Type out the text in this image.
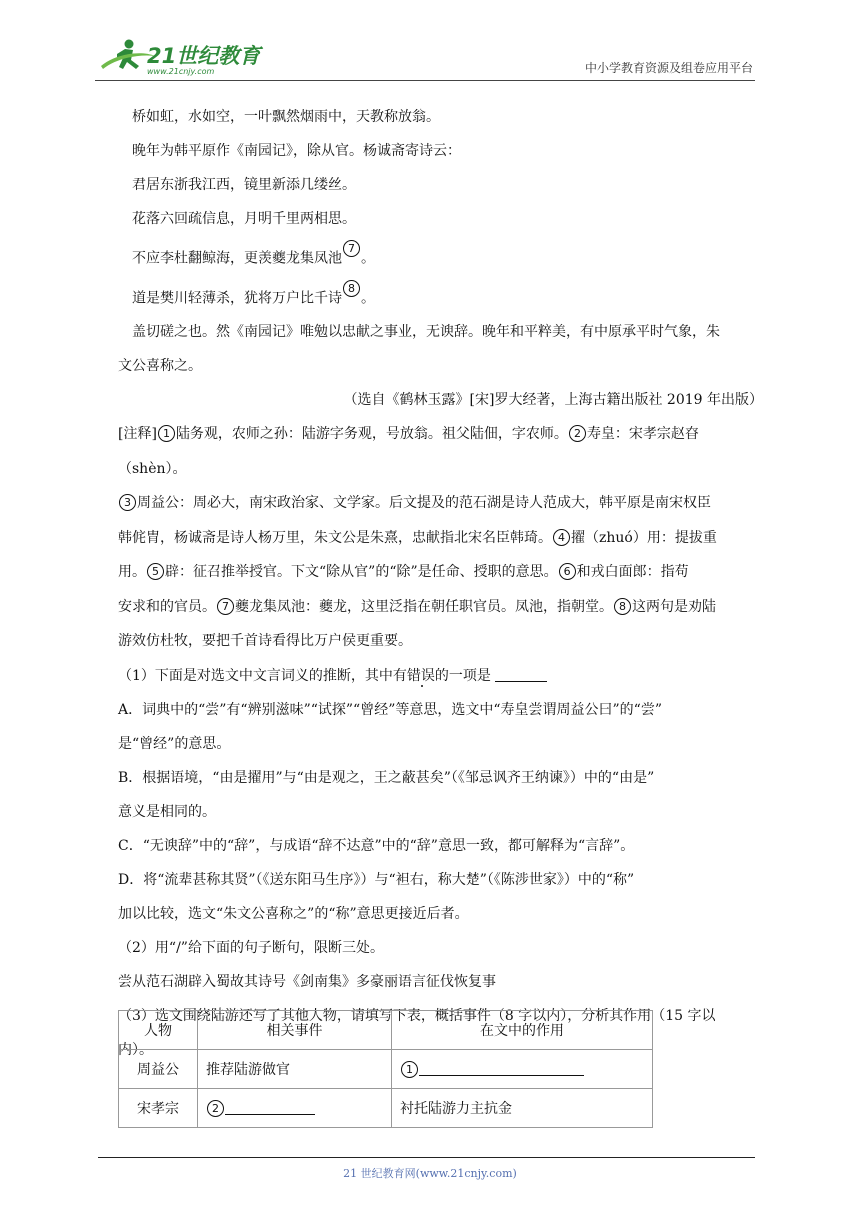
21世纪教育
www.21cnjy.com	中小学教育资源及组卷应用平台

桥如虹，水如空，一叶飘然烟雨中，天教称放翁。

晚年为韩平原作《南园记》，除从官。杨诚斋寄诗云：

君居东浙我江西，镜里新添几缕丝。

花落六回疏信息，月明千里两相思。

不应李杜翻鲸海，更羡夔龙集凤池$^7$。

道是樊川轻薄杀，犹将万户比千诗$^8$。

盖切磋之也。然《南园记》唯勉以忠献之事业，无谀辞。晚年和平粹美，有中原承平时气象，朱

文公喜称之。

（选自《鹤林玉露》[宋]罗大经著，上海古籍出版社 2019 年出版）

[注释] 1 陆务观，农师之孙：陆游字务观，号放翁。祖父陆佃，字农师。 2 寿皇：宋孝宗赵昚（shèn）。

3 周益公：周必大，南宋政治家、文学家。后文提及的范石湖是诗人范成大，韩平原是南宋权臣

韩侂胄，杨诚斋是诗人杨万里，朱文公是朱熹，忠献指北宋名臣韩琦。 4 擢（zhuó）用：提拔重

用。 5 辟：征召推举授官。下文“除从官”的“除”是任命、授职的意思。 6 和戎白面郎：指苟

安求和的官员。 7 夔龙集凤池：夔龙，这里泛指在朝任职官员。凤池，指朝堂。 8 这两句是劝陆

游效仿杜牧，要把千首诗看得比万户侯更重要。

（1）下面是对选文中文言词义的推断，其中有错误的一项是

A．词典中的“尝”有“辨别滋味”“试探”“曾经”等意思，选文中“寿皇尝谓周益公曰”的“尝”

是“曾经”的意思。

B．根据语境，“由是擢用”与“由是观之，王之蔽甚矣”（《邹忌讽齐王纳谏》）中的“由是”

意义是相同的。

C．“无谀辞”中的“辞”，与成语“辞不达意”中的“辞”意思一致，都可解释为“言辞”。

D．将“流辈甚称其贤”（《送东阳马生序》）与“袒右，称大楚”（《陈涉世家》）中的“称”

加以比较，选文“朱文公喜称之”的“称”意思更接近后者。

（2）用“/”给下面的句子断句，限断三处。

尝从范石湖辟入蜀故其诗号《剑南集》多豪丽语言征伐恢复事

（3）选文围绕陆游还写了其他人物，请填写下表，概括事件（8 字以内），分析其作用（15 字以

内）。

人物	相关事件	在文中的作用
周益公	推荐陆游做官	1
宋孝宗	2	衬托陆游力主抗金
21 世纪教育网(www.21cnjy.com)
